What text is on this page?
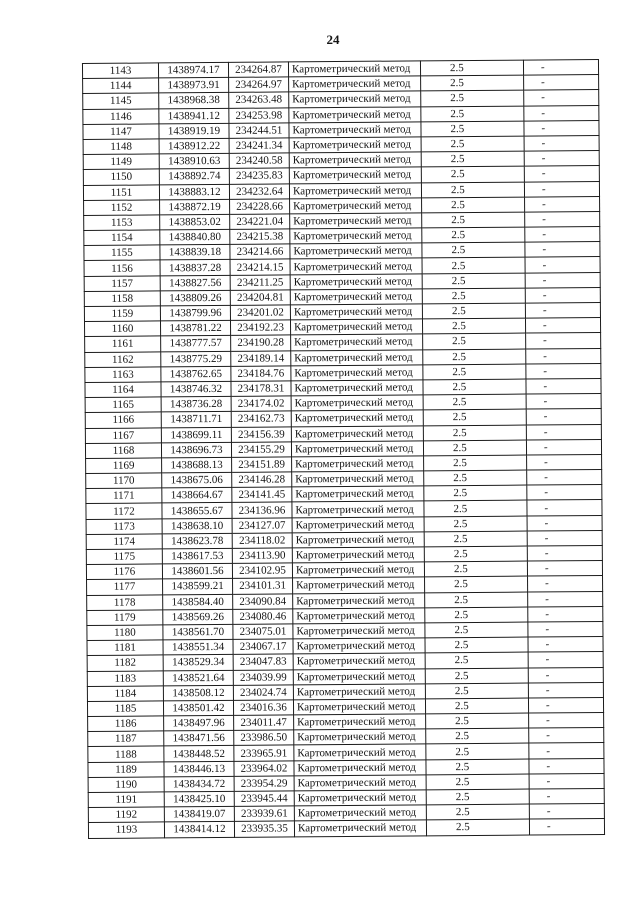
24
1143	1438974.17	234264.87	Картометрический метод	2.5	-
1144	1438973.91	234264.97	Картометрический метод	2.5	-
1145	1438968.38	234263.48	Картометрический метод	2.5	-
1146	1438941.12	234253.98	Картометрический метод	2.5	-
1147	1438919.19	234244.51	Картометрический метод	2.5	-
1148	1438912.22	234241.34	Картометрический метод	2.5	-
1149	1438910.63	234240.58	Картометрический метод	2.5	-
1150	1438892.74	234235.83	Картометрический метод	2.5	-
1151	1438883.12	234232.64	Картометрический метод	2.5	-
1152	1438872.19	234228.66	Картометрический метод	2.5	-
1153	1438853.02	234221.04	Картометрический метод	2.5	-
1154	1438840.80	234215.38	Картометрический метод	2.5	-
1155	1438839.18	234214.66	Картометрический метод	2.5	-
1156	1438837.28	234214.15	Картометрический метод	2.5	-
1157	1438827.56	234211.25	Картометрический метод	2.5	-
1158	1438809.26	234204.81	Картометрический метод	2.5	-
1159	1438799.96	234201.02	Картометрический метод	2.5	-
1160	1438781.22	234192.23	Картометрический метод	2.5	-
1161	1438777.57	234190.28	Картометрический метод	2.5	-
1162	1438775.29	234189.14	Картометрический метод	2.5	-
1163	1438762.65	234184.76	Картометрический метод	2.5	-
1164	1438746.32	234178.31	Картометрический метод	2.5	-
1165	1438736.28	234174.02	Картометрический метод	2.5	-
1166	1438711.71	234162.73	Картометрический метод	2.5	-
1167	1438699.11	234156.39	Картометрический метод	2.5	-
1168	1438696.73	234155.29	Картометрический метод	2.5	-
1169	1438688.13	234151.89	Картометрический метод	2.5	-
1170	1438675.06	234146.28	Картометрический метод	2.5	-
1171	1438664.67	234141.45	Картометрический метод	2.5	-
1172	1438655.67	234136.96	Картометрический метод	2.5	-
1173	1438638.10	234127.07	Картометрический метод	2.5	-
1174	1438623.78	234118.02	Картометрический метод	2.5	-
1175	1438617.53	234113.90	Картометрический метод	2.5	-
1176	1438601.56	234102.95	Картометрический метод	2.5	-
1177	1438599.21	234101.31	Картометрический метод	2.5	-
1178	1438584.40	234090.84	Картометрический метод	2.5	-
1179	1438569.26	234080.46	Картометрический метод	2.5	-
1180	1438561.70	234075.01	Картометрический метод	2.5	-
1181	1438551.34	234067.17	Картометрический метод	2.5	-
1182	1438529.34	234047.83	Картометрический метод	2.5	-
1183	1438521.64	234039.99	Картометрический метод	2.5	-
1184	1438508.12	234024.74	Картометрический метод	2.5	-
1185	1438501.42	234016.36	Картометрический метод	2.5	-
1186	1438497.96	234011.47	Картометрический метод	2.5	-
1187	1438471.56	233986.50	Картометрический метод	2.5	-
1188	1438448.52	233965.91	Картометрический метод	2.5	-
1189	1438446.13	233964.02	Картометрический метод	2.5	-
1190	1438434.72	233954.29	Картометрический метод	2.5	-
1191	1438425.10	233945.44	Картометрический метод	2.5	-
1192	1438419.07	233939.61	Картометрический метод	2.5	-
1193	1438414.12	233935.35	Картометрический метод	2.5	-
